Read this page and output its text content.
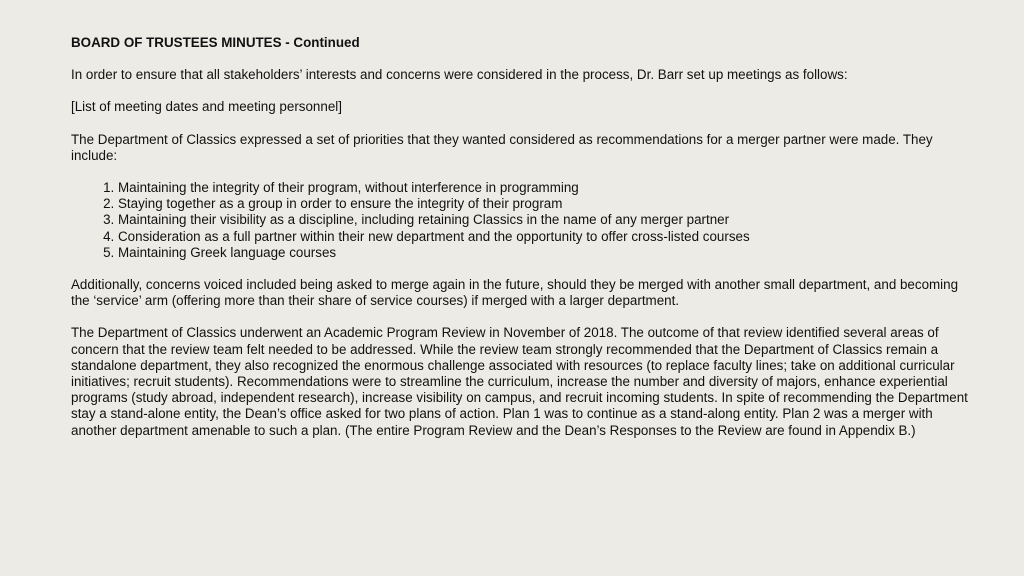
BOARD OF TRUSTEES MINUTES - Continued

In order to ensure that all stakeholders’ interests and concerns were considered in the process, Dr. Barr set up meetings as follows:

[List of meeting dates and meeting personnel]

The Department of Classics expressed a set of priorities that they wanted considered as recommendations for a merger partner were made. They include:

1. Maintaining the integrity of their program, without interference in programming
2. Staying together as a group in order to ensure the integrity of their program
3. Maintaining their visibility as a discipline, including retaining Classics in the name of any merger partner
4. Consideration as a full partner within their new department and the opportunity to offer cross-listed courses
5. Maintaining Greek language courses

Additionally, concerns voiced included being asked to merge again in the future, should they be merged with another small department, and becoming the ‘service’ arm (offering more than their share of service courses) if merged with a larger department.

The Department of Classics underwent an Academic Program Review in November of 2018. The outcome of that review identified several areas of concern that the review team felt needed to be addressed. While the review team strongly recommended that the Department of Classics remain a standalone department, they also recognized the enormous challenge associated with resources (to replace faculty lines; take on additional curricular initiatives; recruit students). Recommendations were to streamline the curriculum, increase the number and diversity of majors, enhance experiential programs (study abroad, independent research), increase visibility on campus, and recruit incoming students. In spite of recommending the Department stay a stand-alone entity, the Dean’s office asked for two plans of action. Plan 1 was to continue as a stand-along entity. Plan 2 was a merger with another department amenable to such a plan. (The entire Program Review and the Dean’s Responses to the Review are found in Appendix B.)
